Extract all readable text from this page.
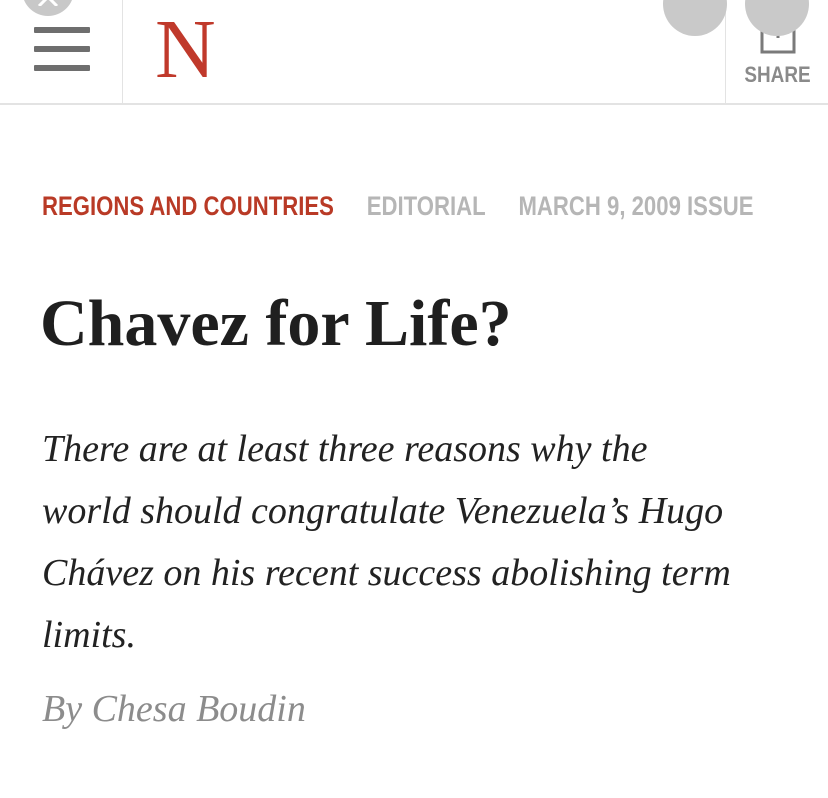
N	SHARE
REGIONS AND COUNTRIES EDITORIAL MARCH 9, 2009 ISSUE
Chavez for Life?

There are at least three reasons why the world should congratulate Venezuela’s Hugo Chávez on his recent success abolishing term limits.

By Chesa Boudin
